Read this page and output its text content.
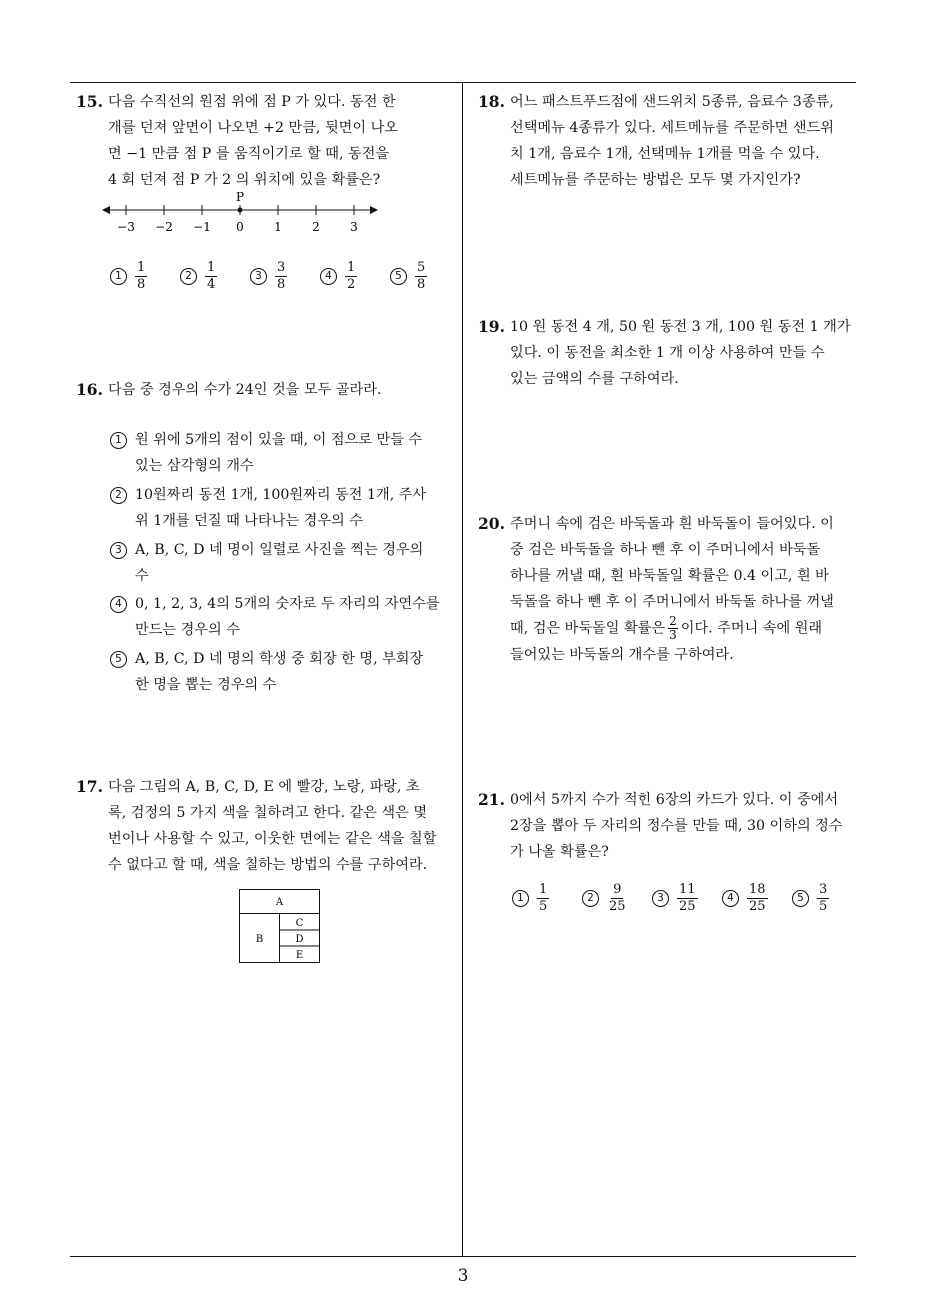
15. 다음 수직선의 원점 위에 점 P 가 있다. 동전 한
개를 던져 앞면이 나오면 +2 만큼, 뒷면이 나오
면 −1 만큼 점 P 를 움직이기로 할 때, 동전을
4 회 던져 점 P 가 2 의 위치에 있을 확률은?
P
−3 −2 −1 0	1	2	3
1	$\frac{1}{8}$	2	$\frac{1}{4}$	3	$\frac{3}{8}$	4	$\frac{1}{2}$	5	$\frac{5}{8}$
16. 다음 중 경우의 수가 24인 것을 모두 골라라.
1 원 위에 5개의 점이 있을 때, 이 점으로 만들 수
있는 삼각형의 개수
2 10원짜리 동전 1개, 100원짜리 동전 1개, 주사
위 1개를 던질 때 나타나는 경우의 수
3 A, B, C, D 네 명이 일렬로 사진을 찍는 경우의
수
4 0, 1, 2, 3, 4의 5개의 숫자로 두 자리의 자연수를
만드는 경우의 수
5 A, B, C, D 네 명의 학생 중 회장 한 명, 부회장
한 명을 뽑는 경우의 수
17. 다음 그림의 A, B, C, D, E 에 빨강, 노랑, 파랑, 초
록, 검정의 5 가지 색을 칠하려고 한다. 같은 색은 몇
번이나 사용할 수 있고, 이웃한 면에는 같은 색을 칠할
수 없다고 할 때, 색을 칠하는 방법의 수를 구하여라.
A
B
C
D
E
18. 어느 패스트푸드점에 샌드위치 5종류, 음료수 3종류,
선택메뉴 4종류가 있다. 세트메뉴를 주문하면 샌드위
치 1개, 음료수 1개, 선택메뉴 1개를 먹을 수 있다.
세트메뉴를 주문하는 방법은 모두 몇 가지인가?
19. 10 원 동전 4 개, 50 원 동전 3 개, 100 원 동전 1 개가
있다. 이 동전을 최소한 1 개 이상 사용하여 만들 수
있는 금액의 수를 구하여라.
20. 주머니 속에 검은 바둑돌과 흰 바둑돌이 들어있다. 이
중 검은 바둑돌을 하나 뺀 후 이 주머니에서 바둑돌
하나를 꺼낼 때, 흰 바둑돌일 확률은 0.4 이고, 흰 바
둑돌을 하나 뺀 후 이 주머니에서 바둑돌 하나를 꺼낼
때, 검은 바둑돌일 확률은 $\frac{2}{3}$ 이다. 주머니 속에 원래
들어있는 바둑돌의 개수를 구하여라.
21. 0에서 5까지 수가 적힌 6장의 카드가 있다. 이 중에서
2장을 뽑아 두 자리의 정수를 만들 때, 30 이하의 정수
가 나올 확률은?
1	$\frac{1}{5}$	2	$\frac{9}{25}$	3	$\frac{11}{25}$	4	$\frac{18}{25}$	5	$\frac{3}{5}$
3
